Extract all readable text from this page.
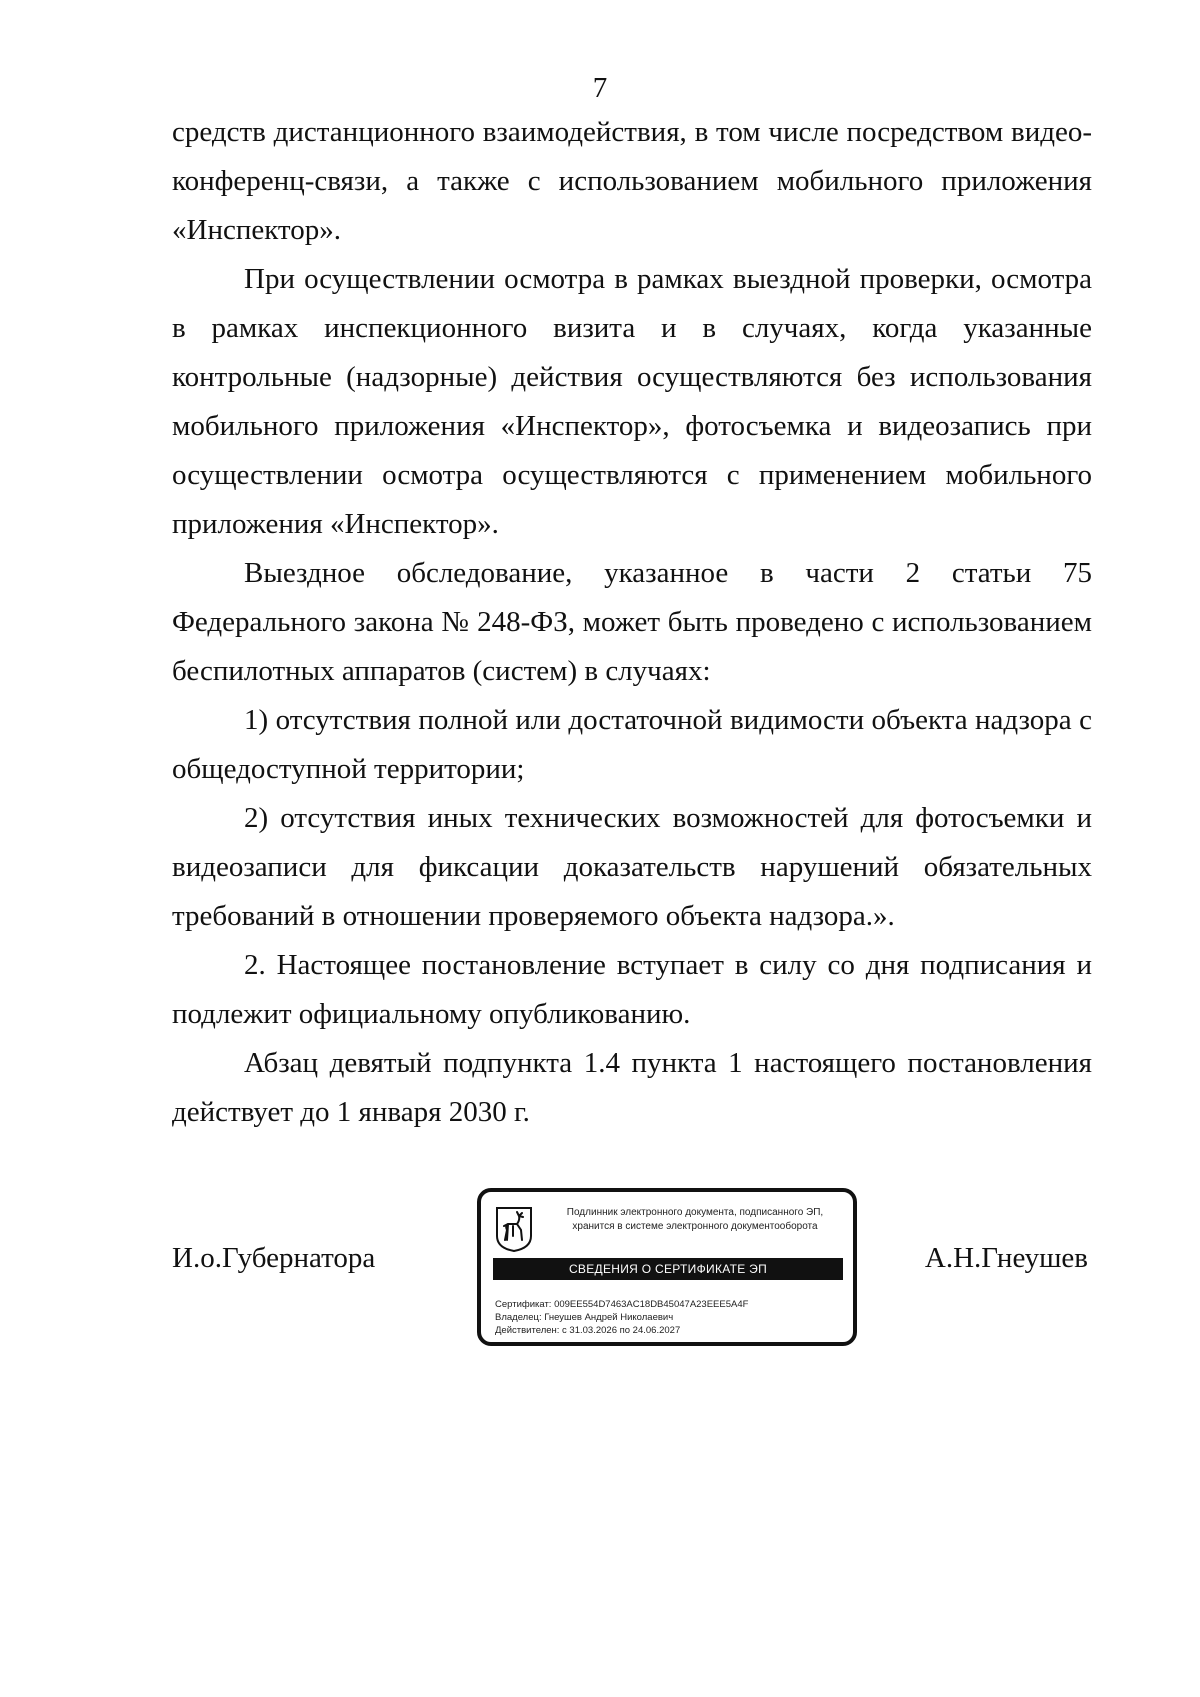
7

средств дистанционного взаимодействия, в том числе посредством видео-конференц-связи, а также с использованием мобильного приложения «Инспектор».

При осуществлении осмотра в рамках выездной проверки, осмотра в рамках инспекционного визита и в случаях, когда указанные контрольные (надзорные) действия осуществляются без использования мобильного приложения «Инспектор», фотосъемка и видеозапись при осуществлении осмотра осуществляются с применением мобильного приложения «Инспектор».

Выездное обследование, указанное в части 2 статьи 75 Федерального закона № 248-ФЗ, может быть проведено с использованием беспилотных аппаратов (систем) в случаях:

1) отсутствия полной или достаточной видимости объекта надзора с общедоступной территории;

2) отсутствия иных технических возможностей для фотосъемки и видеозаписи для фиксации доказательств нарушений обязательных требований в отношении проверяемого объекта надзора.».

2. Настоящее постановление вступает в силу со дня подписания и подлежит официальному опубликованию.

Абзац девятый подпункта 1.4 пункта 1 настоящего постановления действует до 1 января 2030 г.

И.о.Губернатора
Подлинник электронного документа, подписанного ЭП,
хранится в системе электронного документооборота
СВЕДЕНИЯ О СЕРТИФИКАТЕ ЭП
Сертификат: 009EE554D7463AC18DB45047A23EEE5A4F
Владелец: Гнеушев Андрей Николаевич
Действителен: с 31.03.2026 по 24.06.2027
А.Н.Гнеушев
